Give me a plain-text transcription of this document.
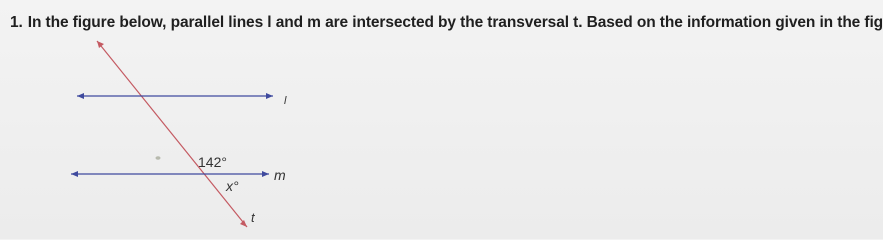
1. In the figure below, parallel lines l and m are intersected by the transversal t. Based on the information given in the fig
l
m
t
142°
x°
